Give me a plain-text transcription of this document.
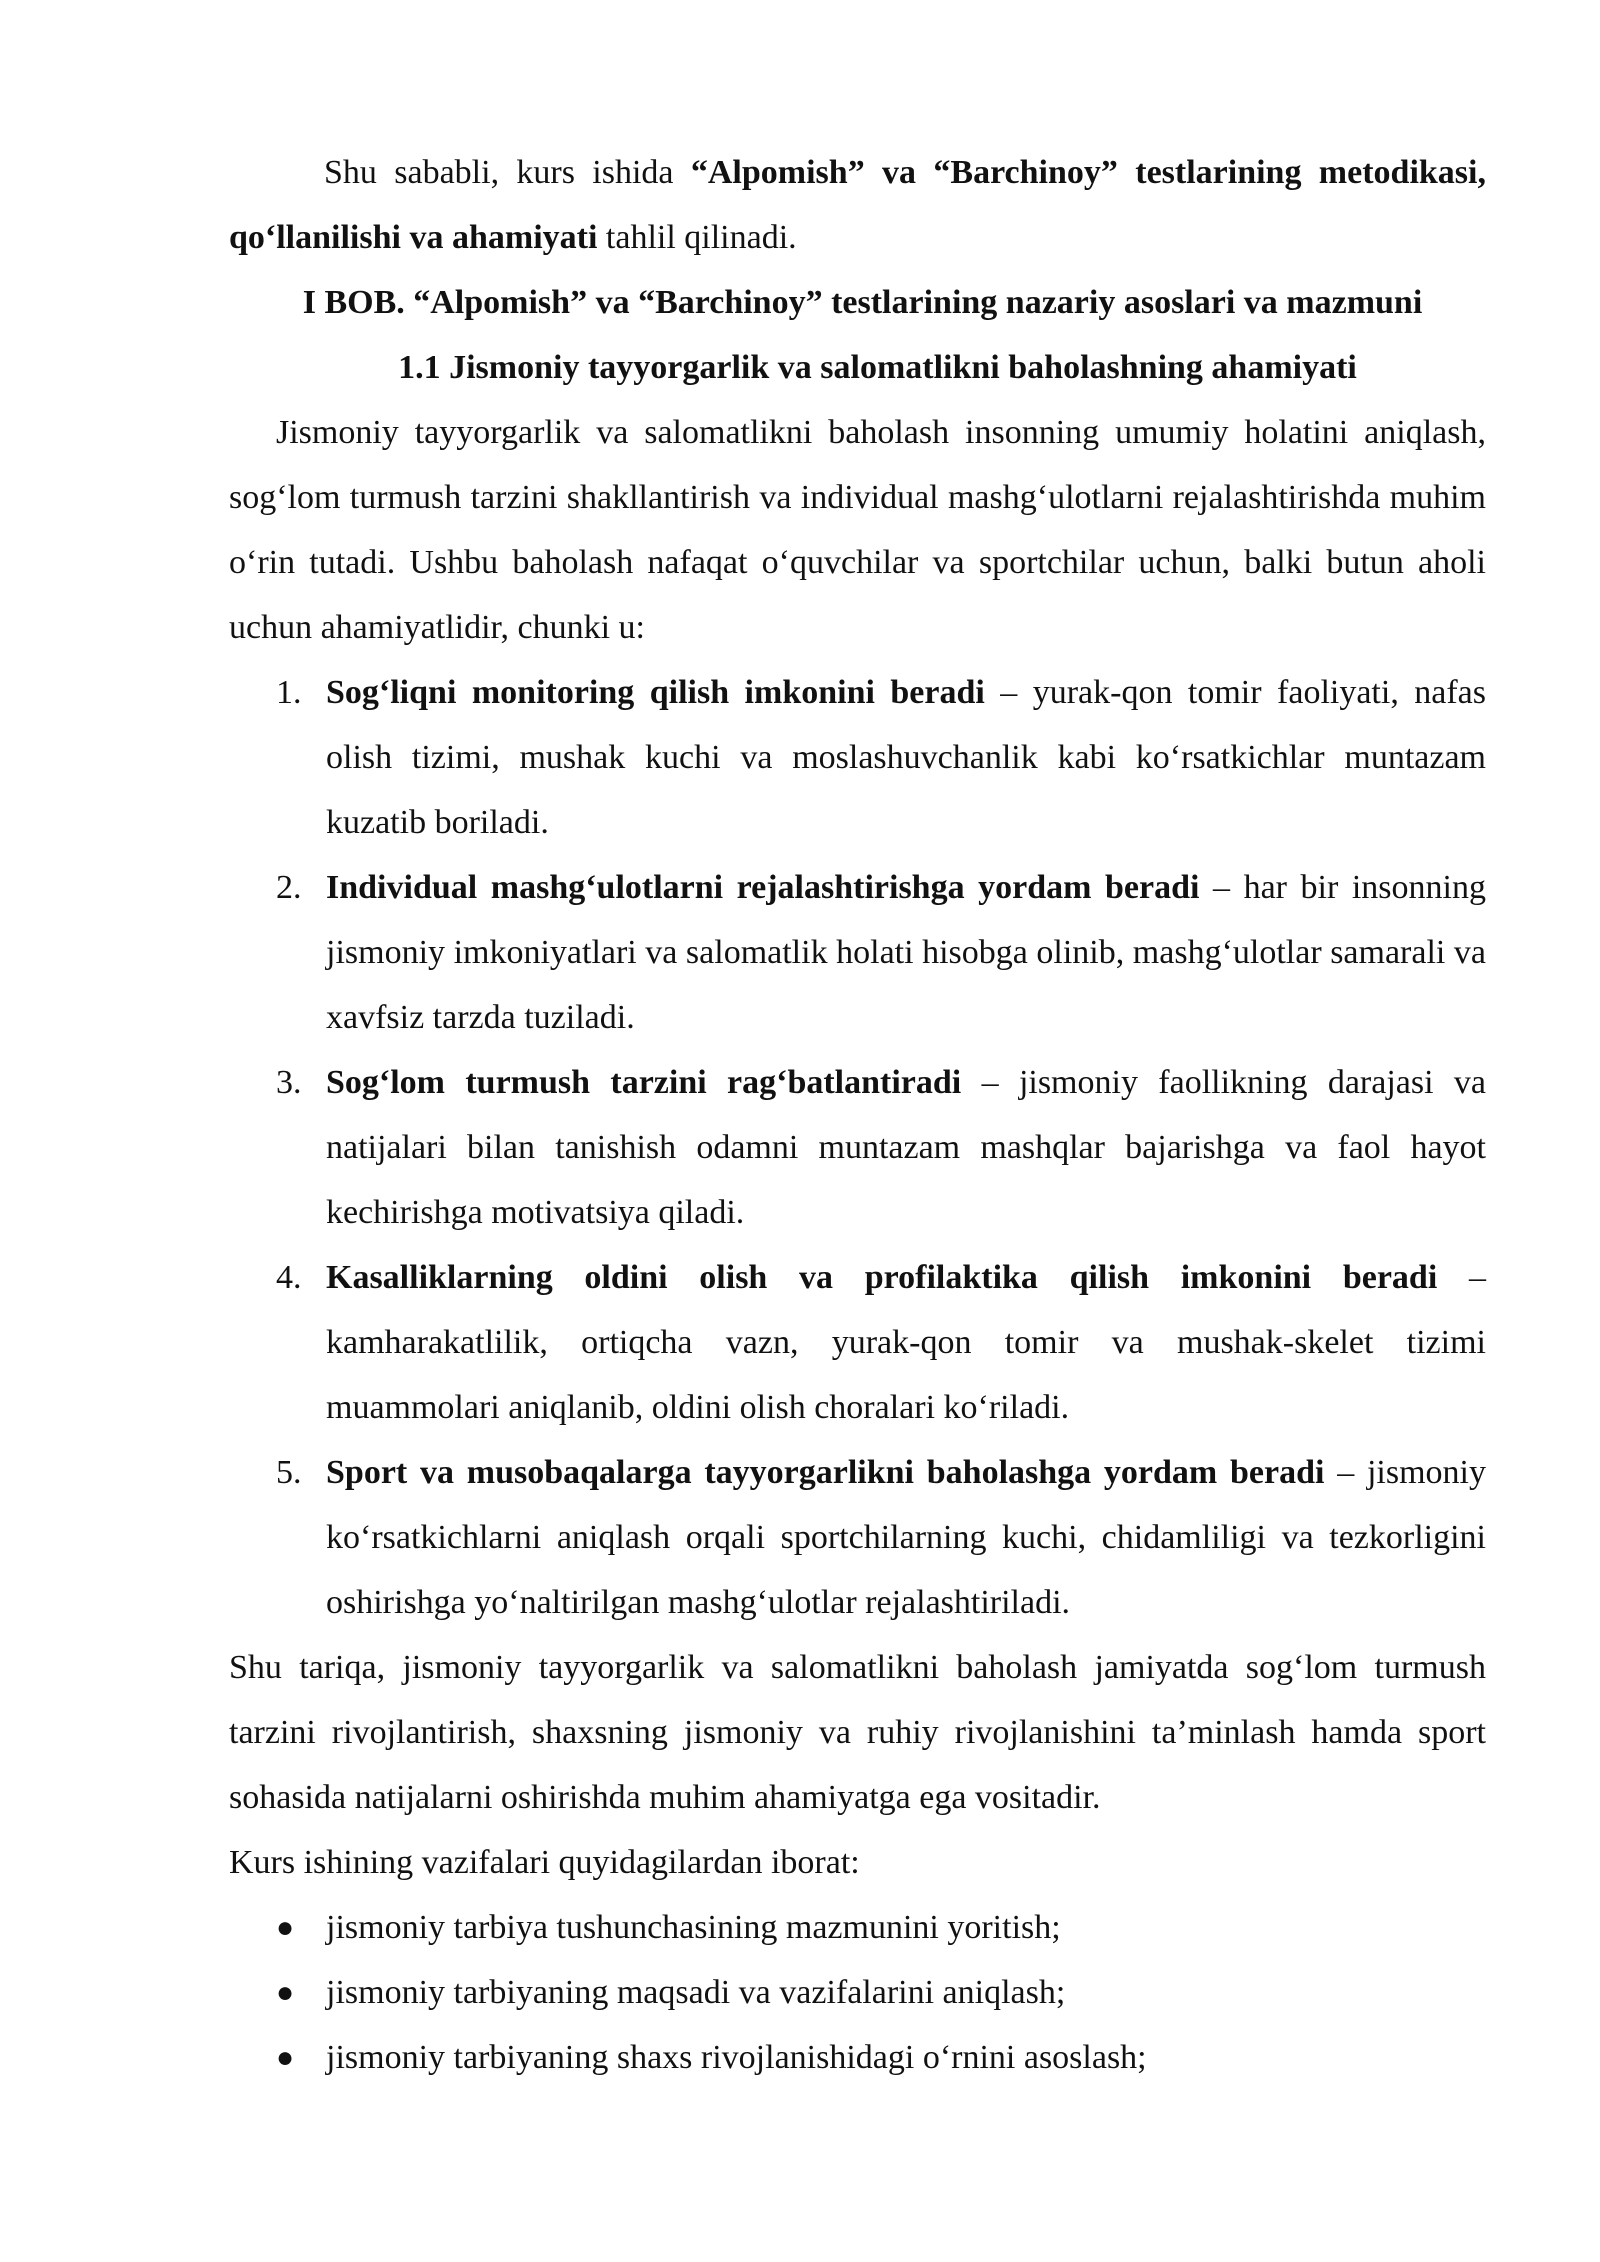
Shu sababli, kurs ishida “Alpomish” va “Barchinoy” testlarining metodikasi, qo‘llanilishi va ahamiyati tahlil qilinadi.

I BOB. “Alpomish” va “Barchinoy” testlarining nazariy asoslari va mazmuni

1.1 Jismoniy tayyorgarlik va salomatlikni baholashning ahamiyati

Jismoniy tayyorgarlik va salomatlikni baholash insonning umumiy holatini aniqlash, sog‘lom turmush tarzini shakllantirish va individual mashg‘ulotlarni rejalashtirishda muhim o‘rin tutadi. Ushbu baholash nafaqat o‘quvchilar va sportchilar uchun, balki butun aholi uchun ahamiyatlidir, chunki u:

1. Sog‘liqni monitoring qilish imkonini beradi – yurak-qon tomir faoliyati, nafas olish tizimi, mushak kuchi va moslashuvchanlik kabi ko‘rsatkichlar muntazam kuzatib boriladi.
2. Individual mashg‘ulotlarni rejalashtirishga yordam beradi – har bir insonning jismoniy imkoniyatlari va salomatlik holati hisobga olinib, mashg‘ulotlar samarali va xavfsiz tarzda tuziladi.
3. Sog‘lom turmush tarzini rag‘batlantiradi – jismoniy faollikning darajasi va natijalari bilan tanishish odamni muntazam mashqlar bajarishga va faol hayot kechirishga motivatsiya qiladi.
4. Kasalliklarning oldini olish va profilaktika qilish imkonini beradi – kamharakatlilik, ortiqcha vazn, yurak-qon tomir va mushak-skelet tizimi muammolari aniqlanib, oldini olish choralari ko‘riladi.
5. Sport va musobaqalarga tayyorgarlikni baholashga yordam beradi – jismoniy ko‘rsatkichlarni aniqlash orqali sportchilarning kuchi, chidamliligi va tezkorligini oshirishga yo‘naltirilgan mashg‘ulotlar rejalashtiriladi.

Shu tariqa, jismoniy tayyorgarlik va salomatlikni baholash jamiyatda sog‘lom turmush tarzini rivojlantirish, shaxsning jismoniy va ruhiy rivojlanishini ta’minlash hamda sport sohasida natijalarni oshirishda muhim ahamiyatga ega vositadir.

Kurs ishining vazifalari quyidagilardan iborat:

● jismoniy tarbiya tushunchasining mazmunini yoritish;
● jismoniy tarbiyaning maqsadi va vazifalarini aniqlash;
● jismoniy tarbiyaning shaxs rivojlanishidagi o‘rnini asoslash;
